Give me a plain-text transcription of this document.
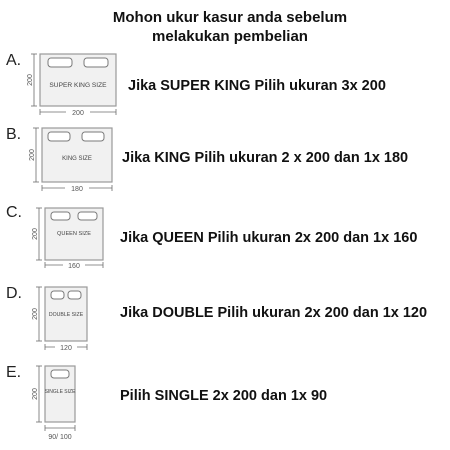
Mohon ukur kasur anda sebelum
melakukan pembelian
A.
200 SUPER KING SIZE
200
Jika SUPER KING Pilih ukuran 3x 200
B.
200	KING SIZE
180
Jika KING Pilih ukuran 2 x 200 dan 1x 180
C.
200	QUEEN SIZE
160
Jika QUEEN Pilih ukuran 2x 200 dan 1x 160
D.
200 DOUBLE SIZE
120
Jika DOUBLE Pilih ukuran 2x 200 dan 1x 120
E.
200 SINGLE SIZE
90/ 100
Pilih SINGLE 2x 200 dan 1x 90
